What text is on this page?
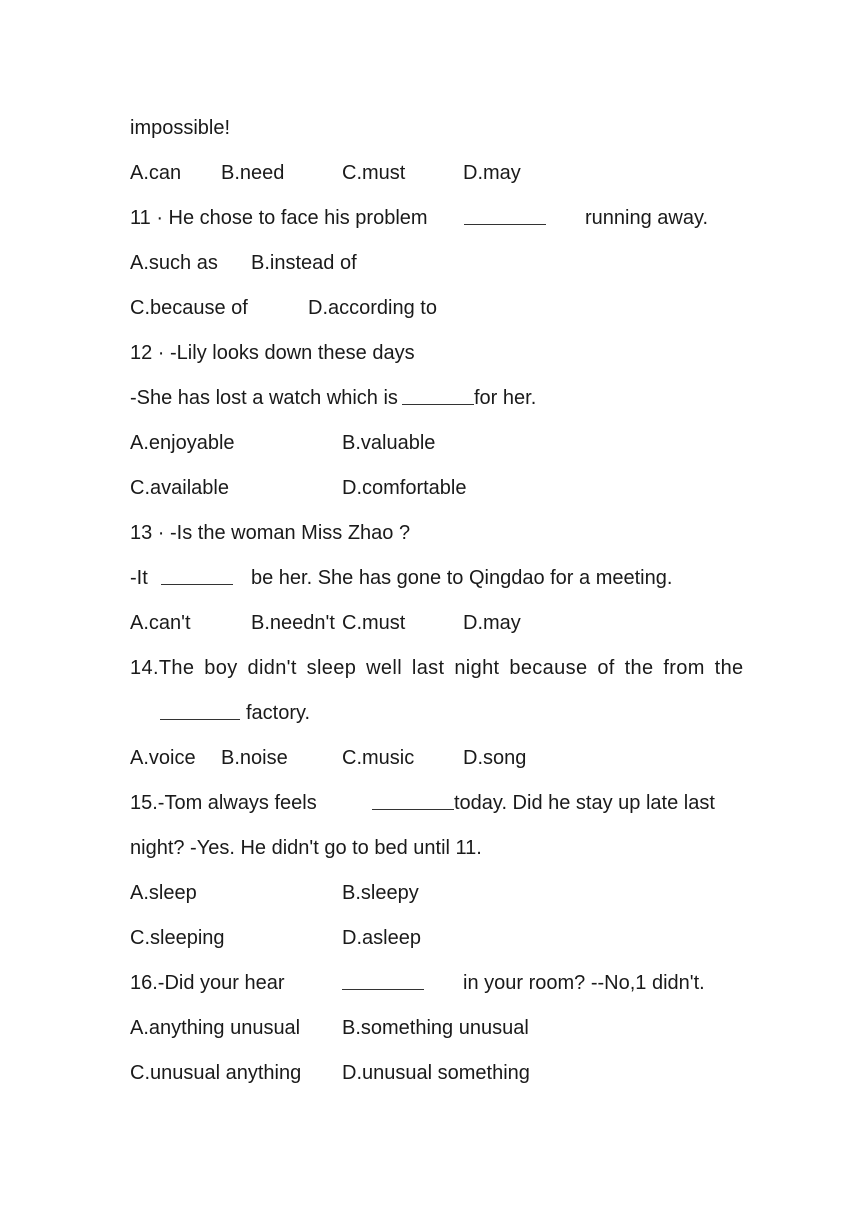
impossible!
A.can B.need	C.must	D.may
11 · He chose to face his problem	running away.
A.such as B.instead of
C.because of	D.according to
12 · -Lily looks down these days
-She has lost a watch which is	for her.
A.enjoyable	B.valuable
C.available	D.comfortable
13 · -Is the woman Miss Zhao ?
-It	be her. She has gone to Qingdao for a meeting.
A.can't	B.needn't C.must	D.may
14.The boy didn't sleep well last night because of the from the
factory.
A.voice B.noise	C.music D.song
15.-Tom always feels	today. Did he stay up late last
night? -Yes. He didn't go to bed until 11.
A.sleep	B.sleepy
C.sleeping	D.asleep
16.-Did your hear	in your room? --No,1 didn't.
A.anything unusual B.something unusual
C.unusual anything D.unusual something
